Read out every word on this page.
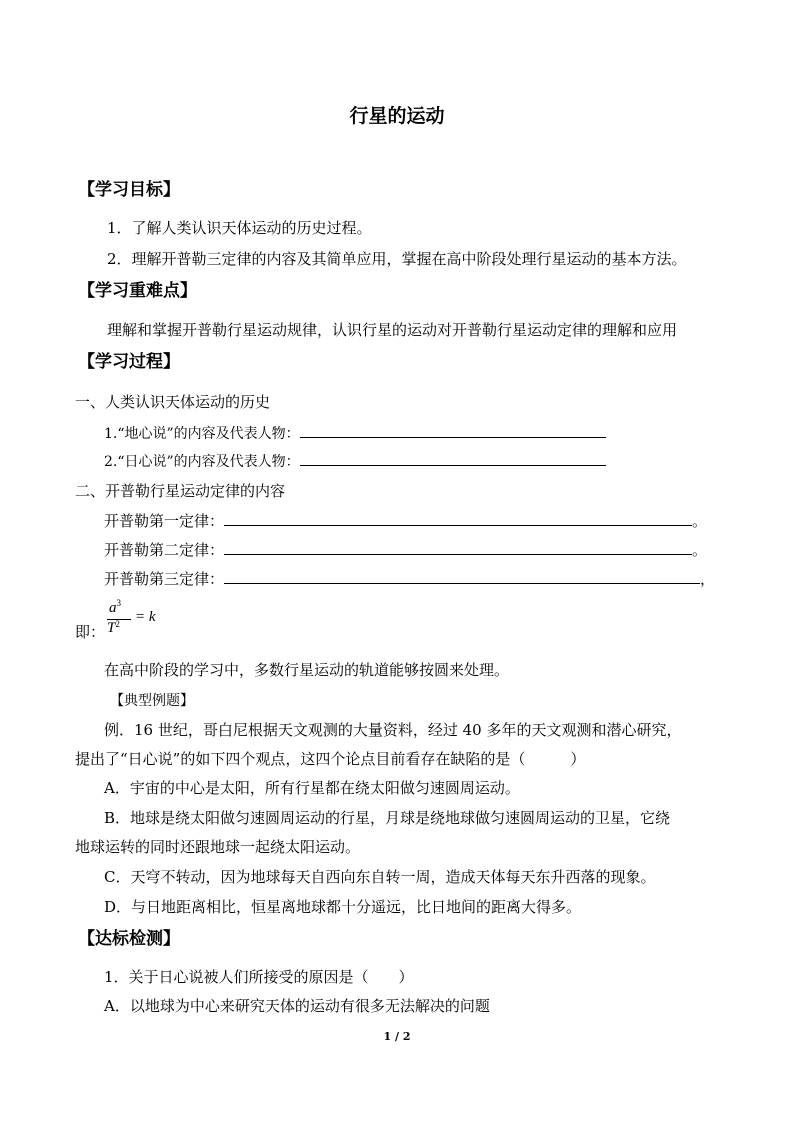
行星的运动
【学习目标】
1．了解人类认识天体运动的历史过程。
2．理解开普勒三定律的内容及其简单应用，掌握在高中阶段处理行星运动的基本方法。
【学习重难点】
理解和掌握开普勒行星运动规律，认识行星的运动对开普勒行星运动定律的理解和应用
【学习过程】
一、人类认识天体运动的历史
1.“地心说”的内容及代表人物：
2.“日心说”的内容及代表人物：
二、开普勒行星运动定律的内容
开普勒第一定律：	。
开普勒第二定律：	。
开普勒第三定律：	，
即：
$a^3$
$T^2 = k$
在高中阶段的学习中，多数行星运动的轨道能够按圆来处理。
【典型例题】
例．16 世纪，哥白尼根据天文观测的大量资料，经过 40 多年的天文观测和潜心研究，
提出了“日心说”的如下四个观点，这四个论点目前看存在缺陷的是（　　　）
A．宇宙的中心是太阳，所有行星都在绕太阳做匀速圆周运动。
B．地球是绕太阳做匀速圆周运动的行星，月球是绕地球做匀速圆周运动的卫星，它绕
地球运转的同时还跟地球一起绕太阳运动。
C．天穹不转动，因为地球每天自西向东自转一周，造成天体每天东升西落的现象。
D．与日地距离相比，恒星离地球都十分遥远，比日地间的距离大得多。
【达标检测】
1．关于日心说被人们所接受的原因是（　　）
A．以地球为中心来研究天体的运动有很多无法解决的问题
1 / 2
